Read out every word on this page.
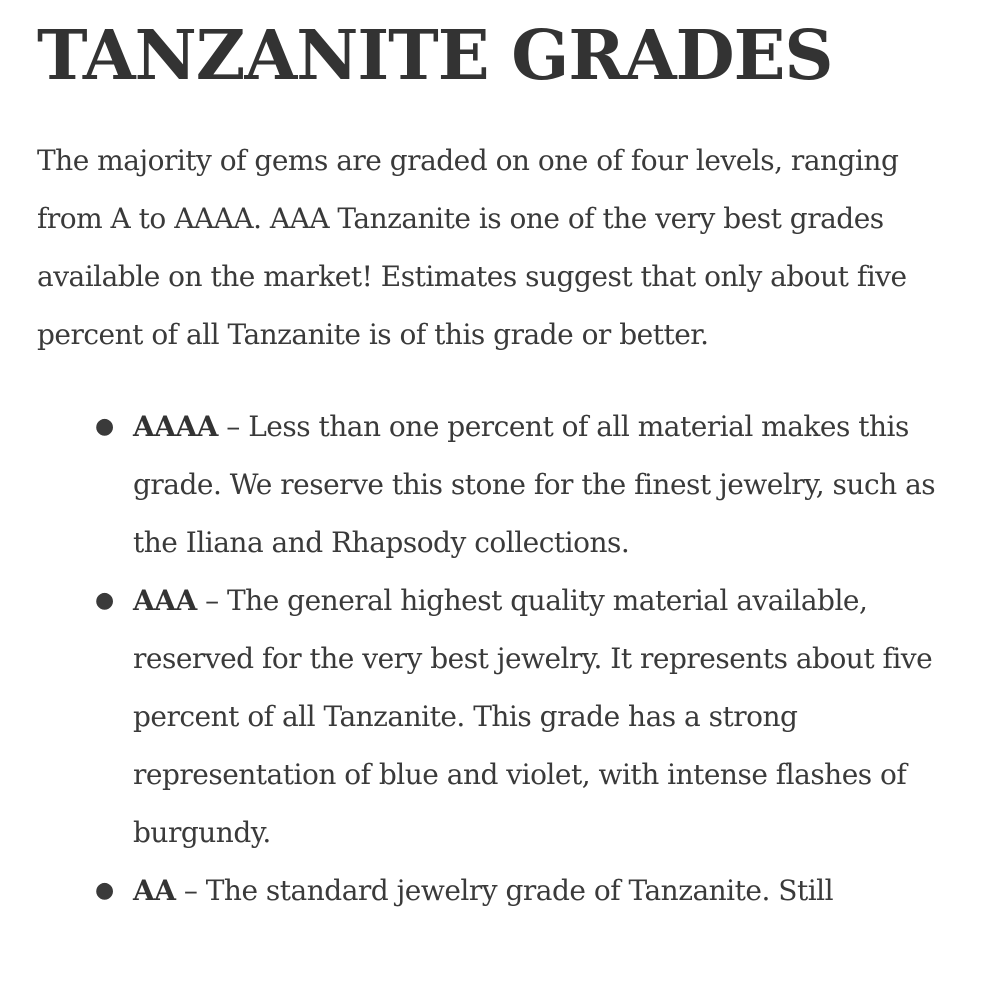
TANZANITE GRADES

The majority of gems are graded on one of four levels, ranging from A to AAAA. AAA Tanzanite is one of the very best grades available on the market! Estimates suggest that only about five percent of all Tanzanite is of this grade or better.

● AAAA – Less than one percent of all material makes this grade. We reserve this stone for the finest jewelry, such as the Iliana and Rhapsody collections.
● AAA – The general highest quality material available, reserved for the very best jewelry. It represents about five percent of all Tanzanite. This grade has a strong representation of blue and violet, with intense flashes of burgundy.
● AA – The standard jewelry grade of Tanzanite. Still
